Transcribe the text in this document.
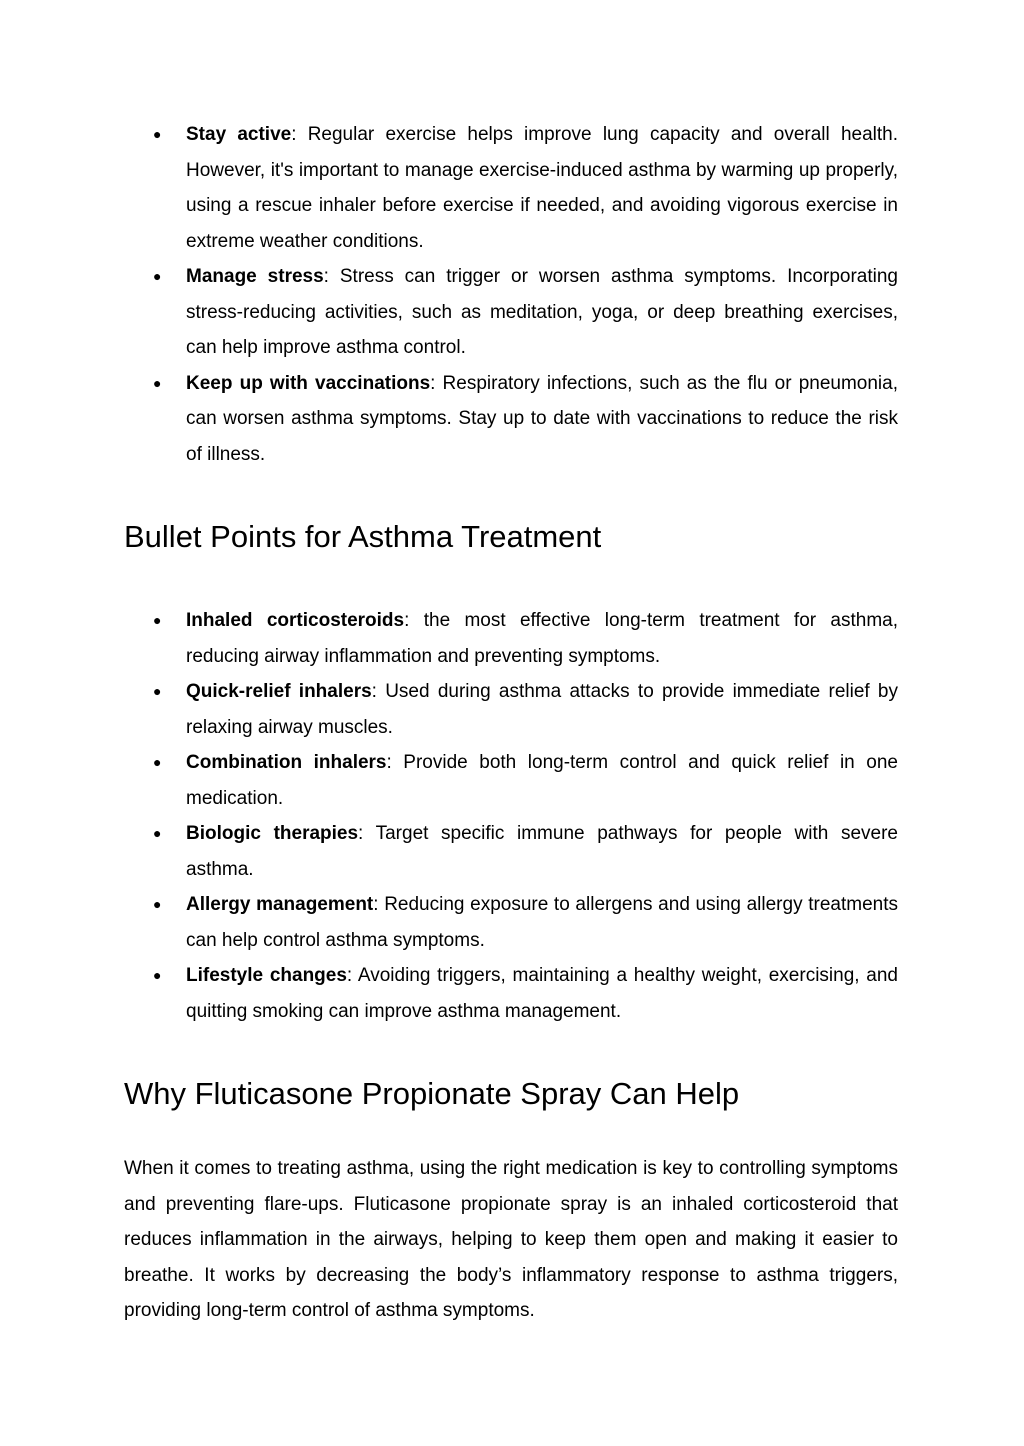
● Stay active: Regular exercise helps improve lung capacity and overall health. However, it's important to manage exercise-induced asthma by warming up properly, using a rescue inhaler before exercise if needed, and avoiding vigorous exercise in extreme weather conditions.
● Manage stress: Stress can trigger or worsen asthma symptoms. Incorporating stress-reducing activities, such as meditation, yoga, or deep breathing exercises, can help improve asthma control.
● Keep up with vaccinations: Respiratory infections, such as the flu or pneumonia, can worsen asthma symptoms. Stay up to date with vaccinations to reduce the risk of illness.
Bullet Points for Asthma Treatment
● Inhaled corticosteroids: the most effective long-term treatment for asthma, reducing airway inflammation and preventing symptoms.
● Quick-relief inhalers: Used during asthma attacks to provide immediate relief by relaxing airway muscles.
● Combination inhalers: Provide both long-term control and quick relief in one medication.
● Biologic therapies: Target specific immune pathways for people with severe asthma.
● Allergy management: Reducing exposure to allergens and using allergy treatments can help control asthma symptoms.
● Lifestyle changes: Avoiding triggers, maintaining a healthy weight, exercising, and quitting smoking can improve asthma management.
Why Fluticasone Propionate Spray Can Help

When it comes to treating asthma, using the right medication is key to controlling symptoms and preventing flare-ups. Fluticasone propionate spray is an inhaled corticosteroid that reduces inflammation in the airways, helping to keep them open and making it easier to breathe. It works by decreasing the body’s inflammatory response to asthma triggers, providing long-term control of asthma symptoms.
